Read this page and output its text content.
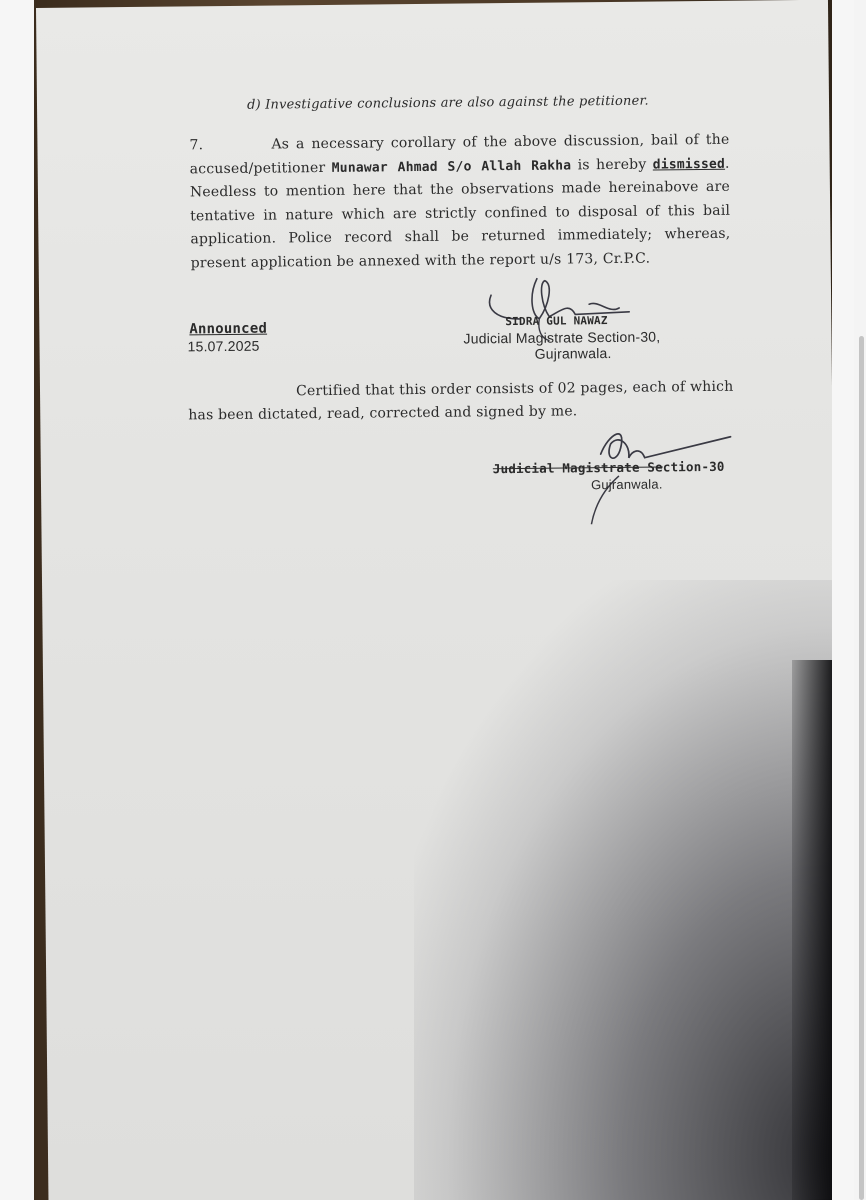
d) Investigative conclusions are also against the petitioner.
7.	As a necessary corollary of the above discussion, bail of the accused/petitioner Munawar Ahmad S/o Allah Rakha is hereby dismissed. Needless to mention here that the observations made hereinabove are tentative in nature which are strictly confined to disposal of this bail application. Police record shall be returned immediately; whereas, present application be annexed with the report u/s 173, Cr.P.C.
Announced
15.07.2025
SIDRA GUL NAWAZ
Judicial Magistrate Section-30,
Gujranwala.
Certified that this order consists of 02 pages, each of which has been dictated, read, corrected and signed by me.
Judicial Magistrate Section-30
Gujranwala.
